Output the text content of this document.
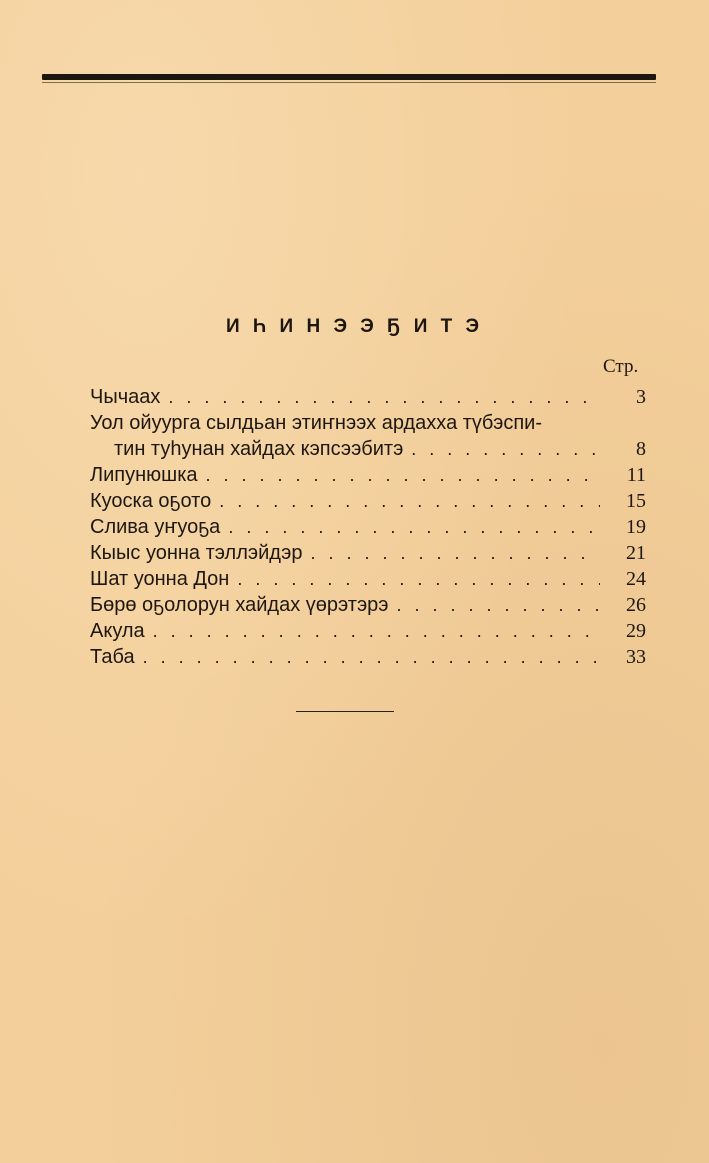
И Һ И Н Э Э Ҕ И Т Э
Стр.
Чычаах . . .	3
Уол ойуурга сылдьан этиҥнээх ардахха түбэспи-
тин туһунан хайдах кэпсээбитэ . . .	8
Липунюшка . . .	11
Куоска оҕото . . .	15
Слива уҥуоҕа . . .	19
Кыыс уонна тэллэйдэр . . .	21
Шат уонна Дон . . .	24
Бөрө оҕолорун хайдах үөрэтэрэ . . .	26
Акула . . .	29
Таба . . .	33
